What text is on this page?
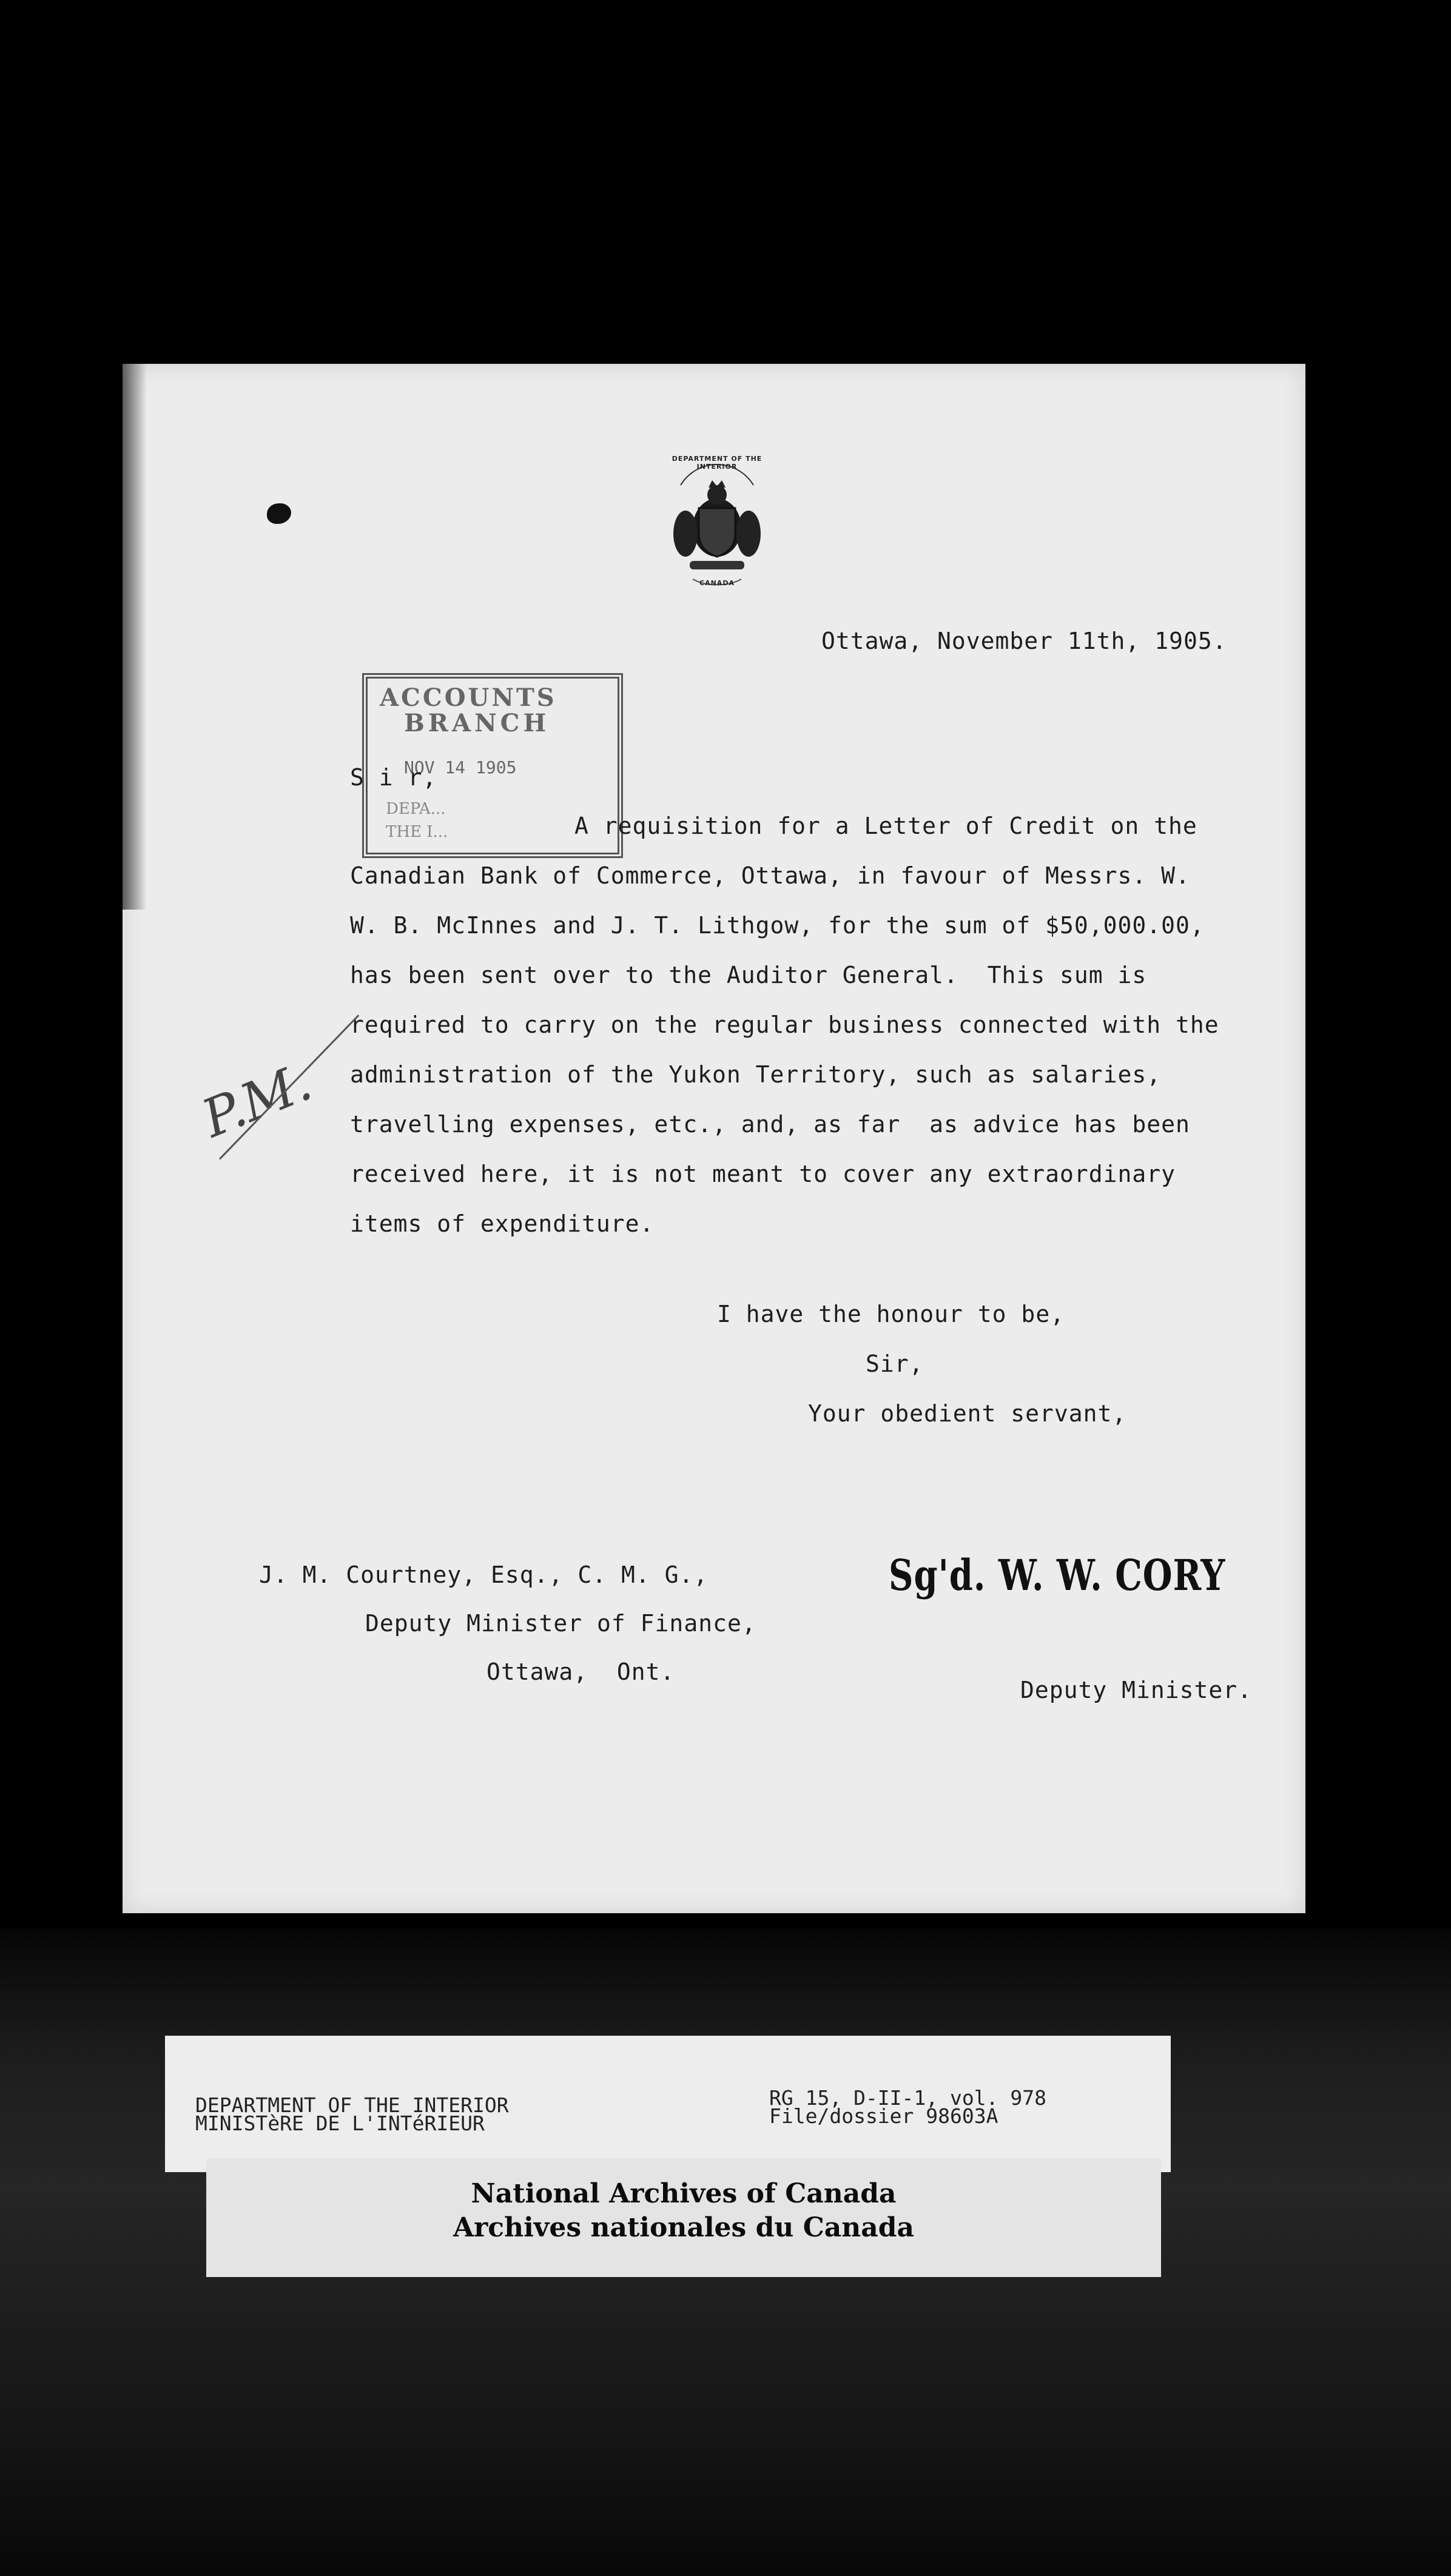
DEPARTMENT OF THE INTERIOR
CANADA
Ottawa, November 11th, 1905.
ACCOUNTS
BRANCH
NOV 14 1905
DEPA...
THE I...
S i r,
A requisition for a Letter of Credit on the
Canadian Bank of Commerce, Ottawa, in favour of Messrs. W.
W. B. McInnes and J. T. Lithgow, for the sum of $50,000.00,
has been sent over to the Auditor General.  This sum is
required to carry on the regular business connected with the
administration of the Yukon Territory, such as salaries,
travelling expenses, etc., and, as far  as advice has been
received here, it is not meant to cover any extraordinary
items of expenditure.
P.M.
I have the honour to be,
Sir,
Your obedient servant,
J. M. Courtney, Esq., C. M. G.,
Deputy Minister of Finance,
Ottawa,  Ont.
Sg'd. W. W. CORY
Deputy Minister.
DEPARTMENT OF THE INTERIOR
MINISTèRE DE L'INTéRIEUR
RG 15, D-II-1, vol. 978
File/dossier 98603A
National Archives of Canada
Archives nationales du Canada
